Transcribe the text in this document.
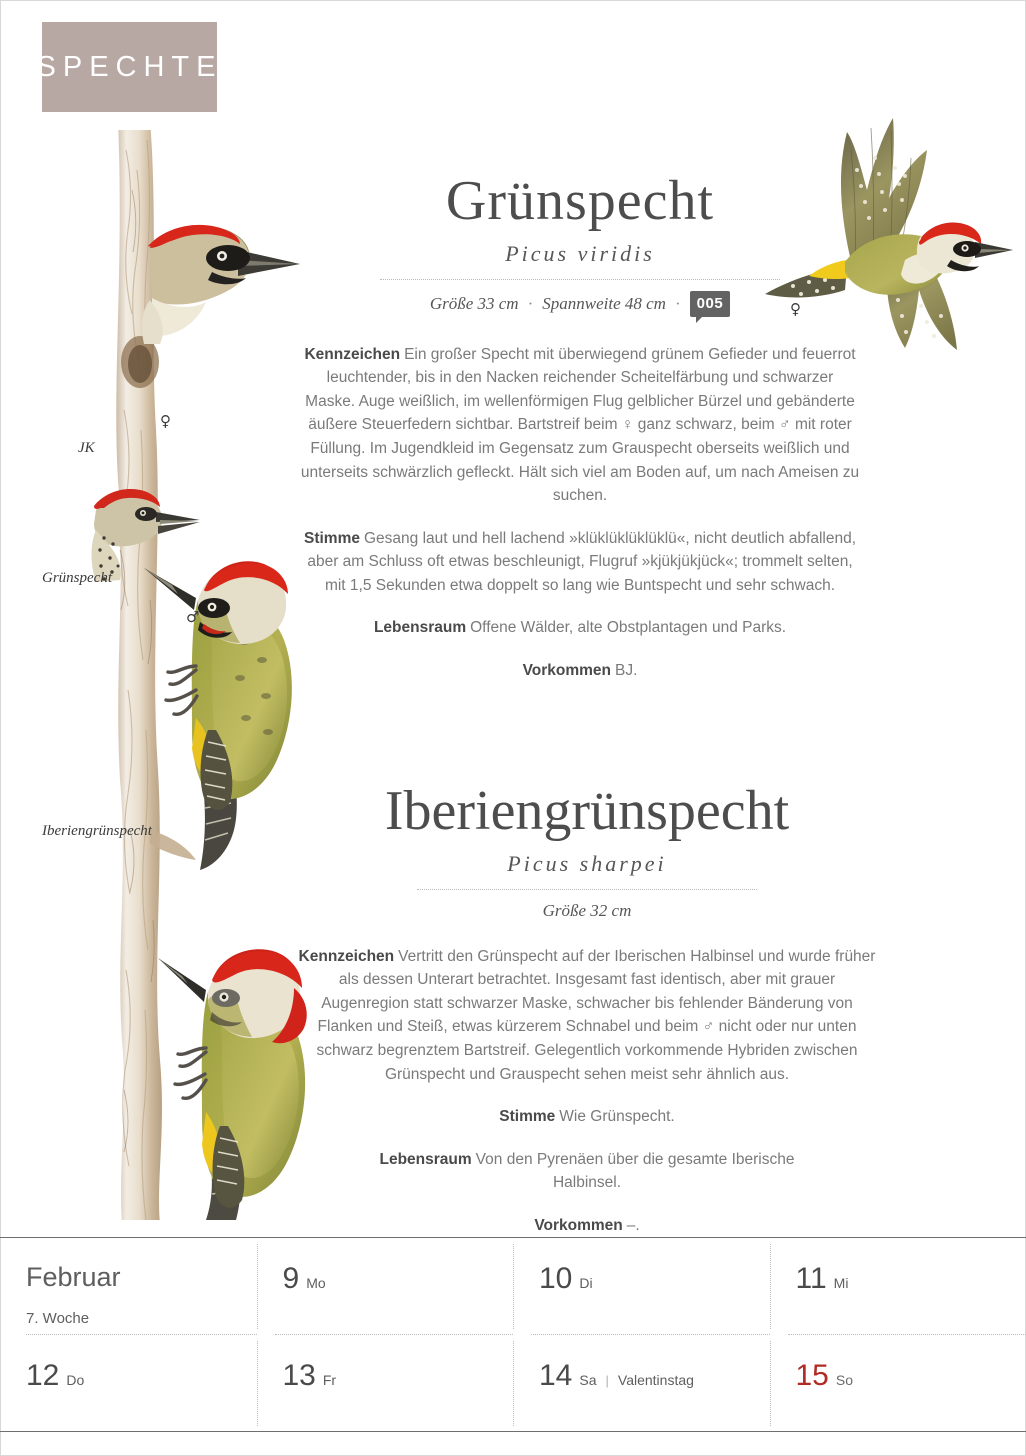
SPECHTE
♀
♂
JK
Grünspecht
Iberiengrünspecht
♀
Grünspecht
Picus viridis
Größe 33 cm · Spannweite 48 cm ·	005

Kennzeichen Ein großer Specht mit überwiegend grünem Gefieder und feuerrot leuchtender, bis in den Nacken reichender Scheitelfärbung und schwarzer Maske. Auge weißlich, im wellenförmigen Flug gelblicher Bürzel und gebänderte äußere Steuerfedern sichtbar. Bartstreif beim ♀ ganz schwarz, beim ♂ mit roter Füllung. Im Jugendkleid im Gegensatz zum Grauspecht oberseits weißlich und unterseits schwärzlich gefleckt. Hält sich viel am Boden auf, um nach Ameisen zu suchen.

Stimme Gesang laut und hell lachend »klüklüklüklüklü«, nicht deutlich abfallend, aber am Schluss oft etwas beschleunigt, Flugruf »kjükjükjück«; trommelt selten, mit 1,5 Sekunden etwa doppelt so lang wie Buntspecht und sehr schwach.

Lebensraum Offene Wälder, alte Obstplantagen und Parks.

Vorkommen BJ.

Iberiengrünspecht
Picus sharpei
Größe 32 cm

Kennzeichen Vertritt den Grünspecht auf der Iberischen Halbinsel und wurde früher als dessen Unterart betrachtet. Insgesamt fast identisch, aber mit grauer Augenregion statt schwarzer Maske, schwacher bis fehlender Bänderung von Flanken und Steiß, etwas kürzerem Schnabel und beim ♂ nicht oder nur unten schwarz begrenztem Bartstreif. Gelegentlich vorkommende Hybriden zwischen Grünspecht und Grauspecht sehen meist sehr ähnlich aus.

Stimme Wie Grünspecht.

Lebensraum Von den Pyrenäen über die gesamte Iberische Halbinsel.

Vorkommen –.

Februar
7. Woche
9 Mo	10 Di	11 Mi
12 Do	13 Fr	14 Sa | Valentinstag	15 So
